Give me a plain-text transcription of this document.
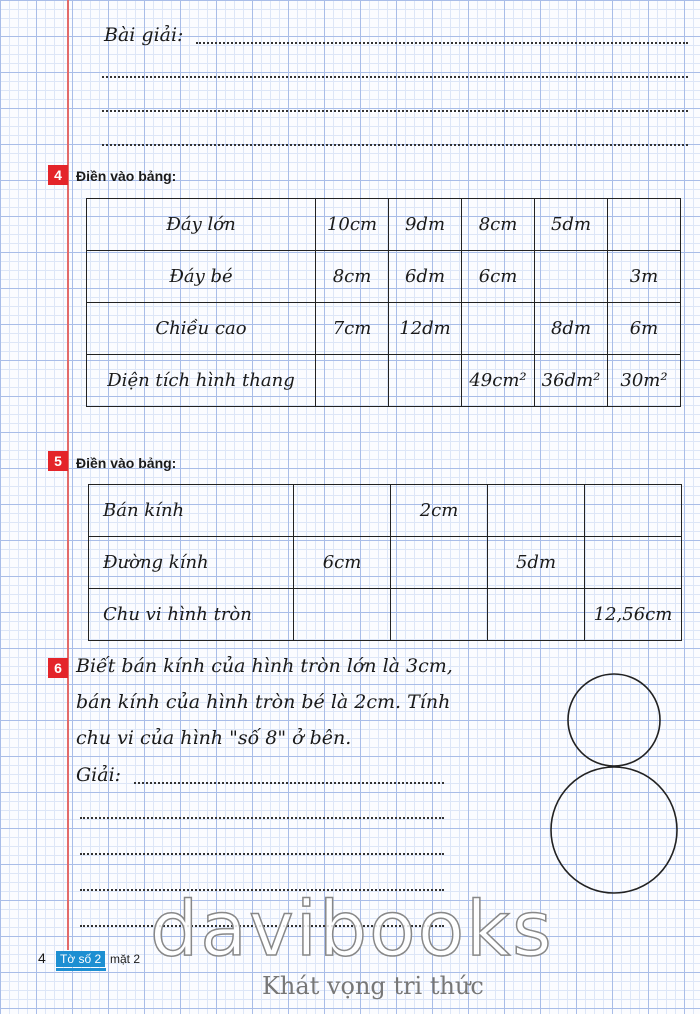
Bài giải:
4	Điền vào bảng:
Đáy lớn	10cm	9dm	8cm	5dm	
Đáy bé	8cm	6dm	6cm		3m
Chiều cao	7cm	12dm		8dm	6m
Diện tích hình thang			49cm²	36dm²	30m²
5	Điền vào bảng:
Bán kính		2cm		
Đường kính	6cm		5dm	
Chu vi hình tròn				12,56cm
6 Biết bán kính của hình tròn lớn là 3cm,
bán kính của hình tròn bé là 2cm. Tính
chu vi của hình "số 8" ở bên.
Giải:
davibooks
Khát vọng tri thức
4	Tờ số 2 mặt 2
